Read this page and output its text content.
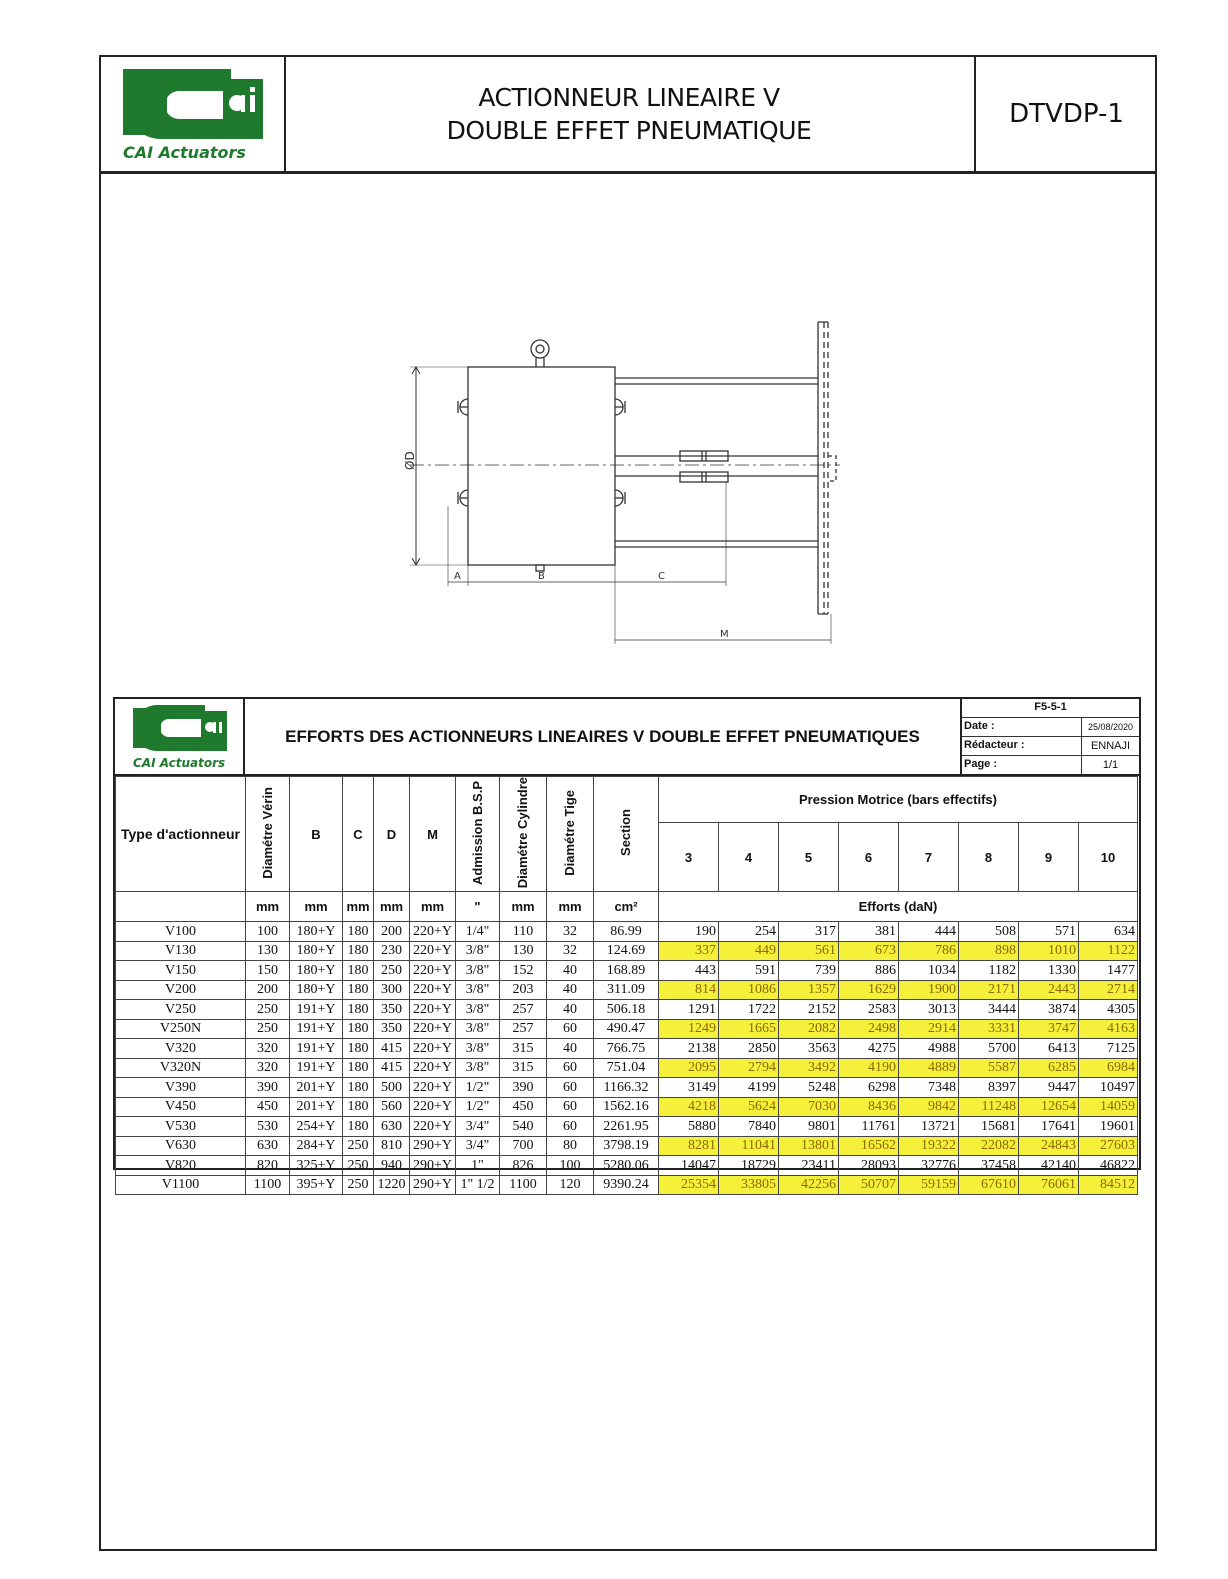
CAI Actuators
ACTIONNEUR LINEAIRE V
DOUBLE EFFET PNEUMATIQUE
DTVDP-1
ØD
A	B	C
M
CAI Actuators
EFFORTS DES ACTIONNEURS LINEAIRES V DOUBLE EFFET PNEUMATIQUES
F5-5-1
Date :	25/08/2020
Rédacteur :	ENNAJI
Page :	1/1
Type d'actionneur	Diamétre Vérin	B	C	D	M	Admission B.S.P	Diamétre Cylindre	Diamétre Tige	Section	Pression Motrice (bars effectifs)							
										3	4	5	6	7	8	9	10
	mm	mm	mm	mm	mm	"	mm	mm	cm²	Efforts (daN)							
V100	100	180+Y	180	200	220+Y	1/4"	110	32	86.99	190	254	317	381	444	508	571	634
V130	130	180+Y	180	230	220+Y	3/8"	130	32	124.69	337	449	561	673	786	898	1010	1122
V150	150	180+Y	180	250	220+Y	3/8"	152	40	168.89	443	591	739	886	1034	1182	1330	1477
V200	200	180+Y	180	300	220+Y	3/8"	203	40	311.09	814	1086	1357	1629	1900	2171	2443	2714
V250	250	191+Y	180	350	220+Y	3/8"	257	40	506.18	1291	1722	2152	2583	3013	3444	3874	4305
V250N	250	191+Y	180	350	220+Y	3/8"	257	60	490.47	1249	1665	2082	2498	2914	3331	3747	4163
V320	320	191+Y	180	415	220+Y	3/8"	315	40	766.75	2138	2850	3563	4275	4988	5700	6413	7125
V320N	320	191+Y	180	415	220+Y	3/8"	315	60	751.04	2095	2794	3492	4190	4889	5587	6285	6984
V390	390	201+Y	180	500	220+Y	1/2"	390	60	1166.32	3149	4199	5248	6298	7348	8397	9447	10497
V450	450	201+Y	180	560	220+Y	1/2"	450	60	1562.16	4218	5624	7030	8436	9842	11248	12654	14059
V530	530	254+Y	180	630	220+Y	3/4"	540	60	2261.95	5880	7840	9801	11761	13721	15681	17641	19601
V630	630	284+Y	250	810	290+Y	3/4"	700	80	3798.19	8281	11041	13801	16562	19322	22082	24843	27603
V820	820	325+Y	250	940	290+Y	1"	826	100	5280.06	14047	18729	23411	28093	32776	37458	42140	46822
V1100	1100	395+Y	250	1220	290+Y	1" 1/2	1100	120	9390.24	25354	33805	42256	50707	59159	67610	76061	84512
